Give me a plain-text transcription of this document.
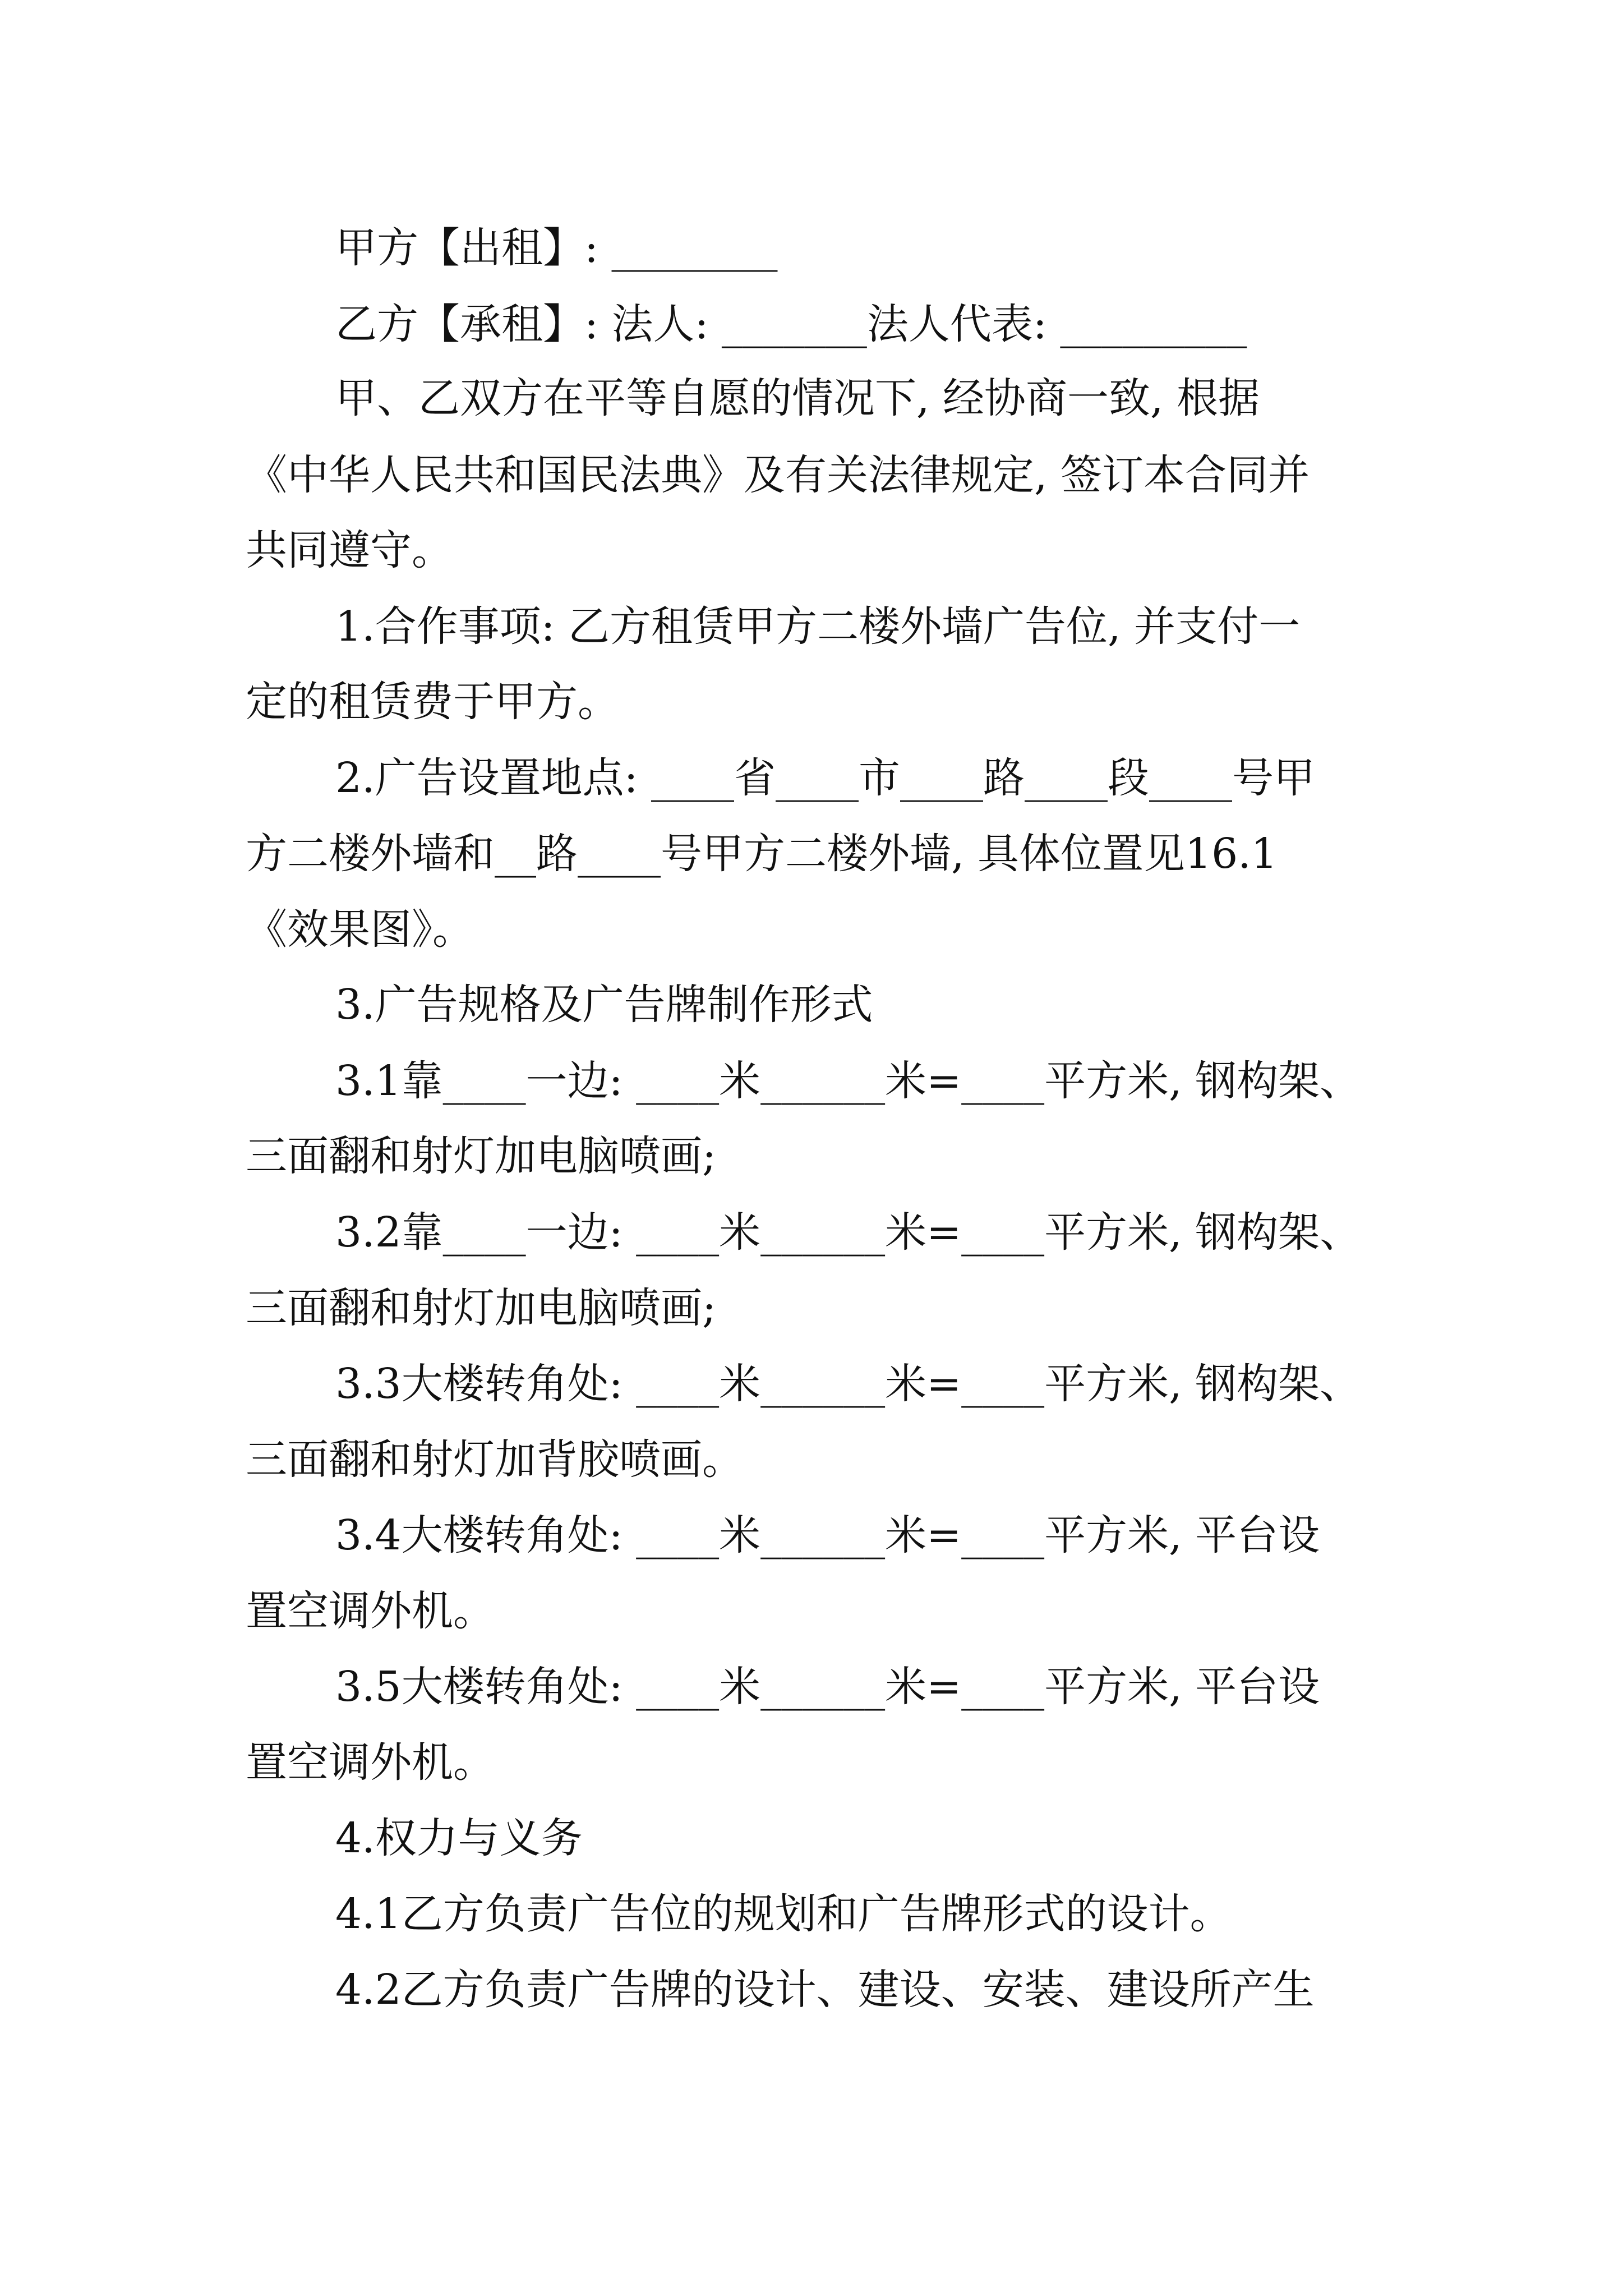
甲方【出租】: ________
乙方【承租】: 法人: _______法人代表: _________
甲、乙双方在平等自愿的情况下, 经协商一致, 根据
《中华人民共和国民法典》及有关法律规定, 签订本合同并
共同遵守。
1.合作事项: 乙方租赁甲方二楼外墙广告位, 并支付一
定的租赁费于甲方。
2.广告设置地点: ____省____市____路____段____号甲
方二楼外墙和__路____号甲方二楼外墙, 具体位置见16.1
《效果图》。
3.广告规格及广告牌制作形式
3.1靠____一边: ____米______米=____平方米, 钢构架、
三面翻和射灯加电脑喷画;
3.2靠____一边: ____米______米=____平方米, 钢构架、
三面翻和射灯加电脑喷画;
3.3大楼转角处: ____米______米=____平方米, 钢构架、
三面翻和射灯加背胶喷画。
3.4大楼转角处: ____米______米=____平方米, 平台设
置空调外机。
3.5大楼转角处: ____米______米=____平方米, 平台设
置空调外机。
4.权力与义务
4.1乙方负责广告位的规划和广告牌形式的设计。
4.2乙方负责广告牌的设计、建设、安装、建设所产生
